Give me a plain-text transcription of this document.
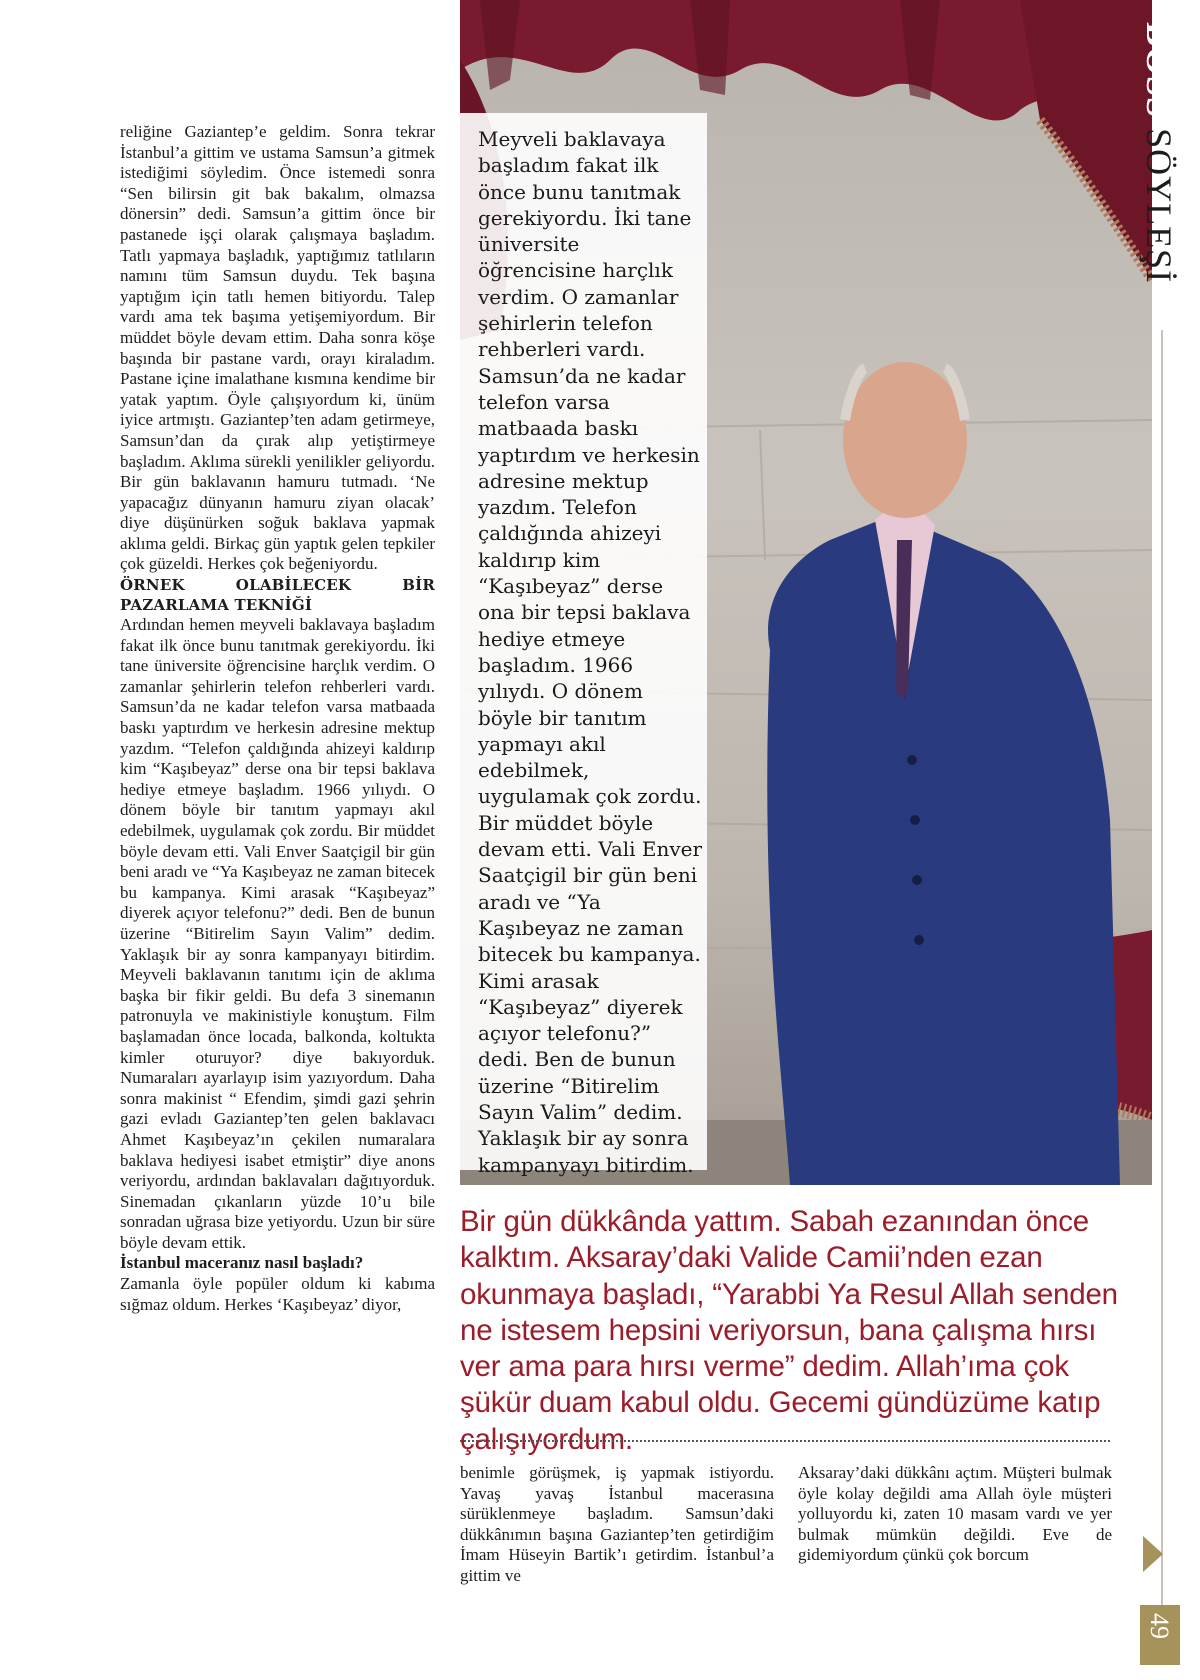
reliğine Gaziantep’e geldim. Sonra tekrar İstanbul’a gittim ve ustama Samsun’a gitmek istediğimi söyledim. Önce istemedi sonra “Sen bilirsin git bak bakalım, olmazsa dönersin” dedi. Samsun’a gittim önce bir pastanede işçi olarak çalışmaya başladım. Tatlı yapmaya başladık, yaptığımız tatlıların namını tüm Samsun duydu. Tek başına yaptığım için tatlı hemen bitiyordu. Talep vardı ama tek başıma yetişemiyordum. Bir müddet böyle devam ettim. Daha sonra köşe başında bir pastane vardı, orayı kiraladım. Pastane içine imalathane kısmına kendime bir yatak yaptım. Öyle çalışıyordum ki, ünüm iyice artmıştı. Gaziantep’ten adam getirmeye, Samsun’dan da çırak alıp yetiştirmeye başladım. Aklıma sürekli yenilikler geliyordu. Bir gün baklavanın hamuru tutmadı. ‘Ne yapacağız dünyanın hamuru ziyan olacak’ diye düşünürken soğuk baklava yapmak aklıma geldi. Birkaç gün yaptık gelen tepkiler çok güzeldi. Herkes çok beğeniyordu.

ÖRNEK OLABİLECEK BİR PAZARLAMA TEKNİĞİ

Ardından hemen meyveli baklavaya başladım fakat ilk önce bunu tanıtmak gerekiyordu. İki tane üniversite öğrencisine harçlık verdim. O zamanlar şehirlerin telefon rehberleri vardı. Samsun’da ne kadar telefon varsa matbaada baskı yaptırdım ve herkesin adresine mektup yazdım. “Telefon çaldığında ahizeyi kaldırıp kim “Kaşıbeyaz” derse ona bir tepsi baklava hediye etmeye başladım. 1966 yılıydı. O dönem böyle bir tanıtım yapmayı akıl edebilmek, uygulamak çok zordu. Bir müddet böyle devam etti. Vali Enver Saatçigil bir gün beni aradı ve “Ya Kaşıbeyaz ne zaman bitecek bu kampanya. Kimi arasak “Kaşıbeyaz” diyerek açıyor telefonu?” dedi. Ben de bunun üzerine “Bitirelim Sayın Valim” dedim. Yaklaşık bir ay sonra kampanyayı bitirdim. Meyveli baklavanın tanıtımı için de aklıma başka bir fikir geldi. Bu defa 3 sinemanın patronuyla ve makinistiyle konuştum. Film başlamadan önce locada, balkonda, koltukta kimler oturuyor? diye bakıyorduk. Numaraları ayarlayıp isim yazıyordum. Daha sonra makinist “ Efendim, şimdi gazi şehrin gazi evladı Gaziantep’ten gelen baklavacı Ahmet Kaşıbeyaz’ın çekilen numaralara baklava hediyesi isabet etmiştir” diye anons veriyordu, ardından baklavaları dağıtıyorduk. Sinemadan çıkanların yüzde 10’u bile sonradan uğrasa bize yetiyordu. Uzun bir süre böyle devam ettik.

İstanbul maceranız nasıl başladı?

Zamanla öyle popüler oldum ki kabıma sığmaz oldum. Herkes ‘Kaşıbeyaz’ diyor,

Meyveli baklavaya başladım fakat ilk önce bunu tanıtmak gerekiyordu. İki tane üniversite öğrencisine harçlık verdim. O zamanlar şehirlerin telefon rehberleri vardı. Samsun’da ne kadar telefon varsa matbaada baskı yaptırdım ve herkesin adresine mektup yazdım. Telefon çaldığında ahizeyi kaldırıp kim “Kaşıbeyaz” derse ona bir tepsi baklava hediye etmeye başladım. 1966 yılıydı. O dönem böyle bir tanıtım yapmayı akıl edebilmek, uygulamak çok zordu. Bir müddet böyle devam etti. Vali Enver Saatçigil bir gün beni aradı ve “Ya Kaşıbeyaz ne zaman bitecek bu kampanya. Kimi arasak “Kaşıbeyaz” diyerek açıyor telefonu?” dedi. Ben de bunun üzerine “Bitirelim Sayın Valim” dedim. Yaklaşık bir ay sonra kampanyayı bitirdim.
BOSS SÖYLEŞİ
49
Bir gün dükkânda yattım. Sabah ezanından önce kalktım. Aksaray’daki Valide Camii’nden ezan okunmaya başladı, “Yarabbi Ya Resul Allah senden ne istesem hepsini veriyorsun, bana çalışma hırsı ver ama para hırsı verme” dedim. Allah’ıma çok şükür duam kabul oldu. Gecemi gündüzüme katıp çalışıyordum.

benimle görüşmek, iş yapmak istiyordu. Yavaş yavaş İstanbul macerasına sürüklenmeye başladım. Samsun’daki dükkânımın başına Gaziantep’ten getirdiğim İmam Hüseyin Bartik’ı getirdim. İstanbul’a gittim ve

Aksaray’daki dükkânı açtım. Müşteri bulmak öyle kolay değildi ama Allah öyle müşteri yolluyordu ki, zaten 10 masam vardı ve yer bulmak mümkün değildi. Eve de gidemiyordum çünkü çok borcum
